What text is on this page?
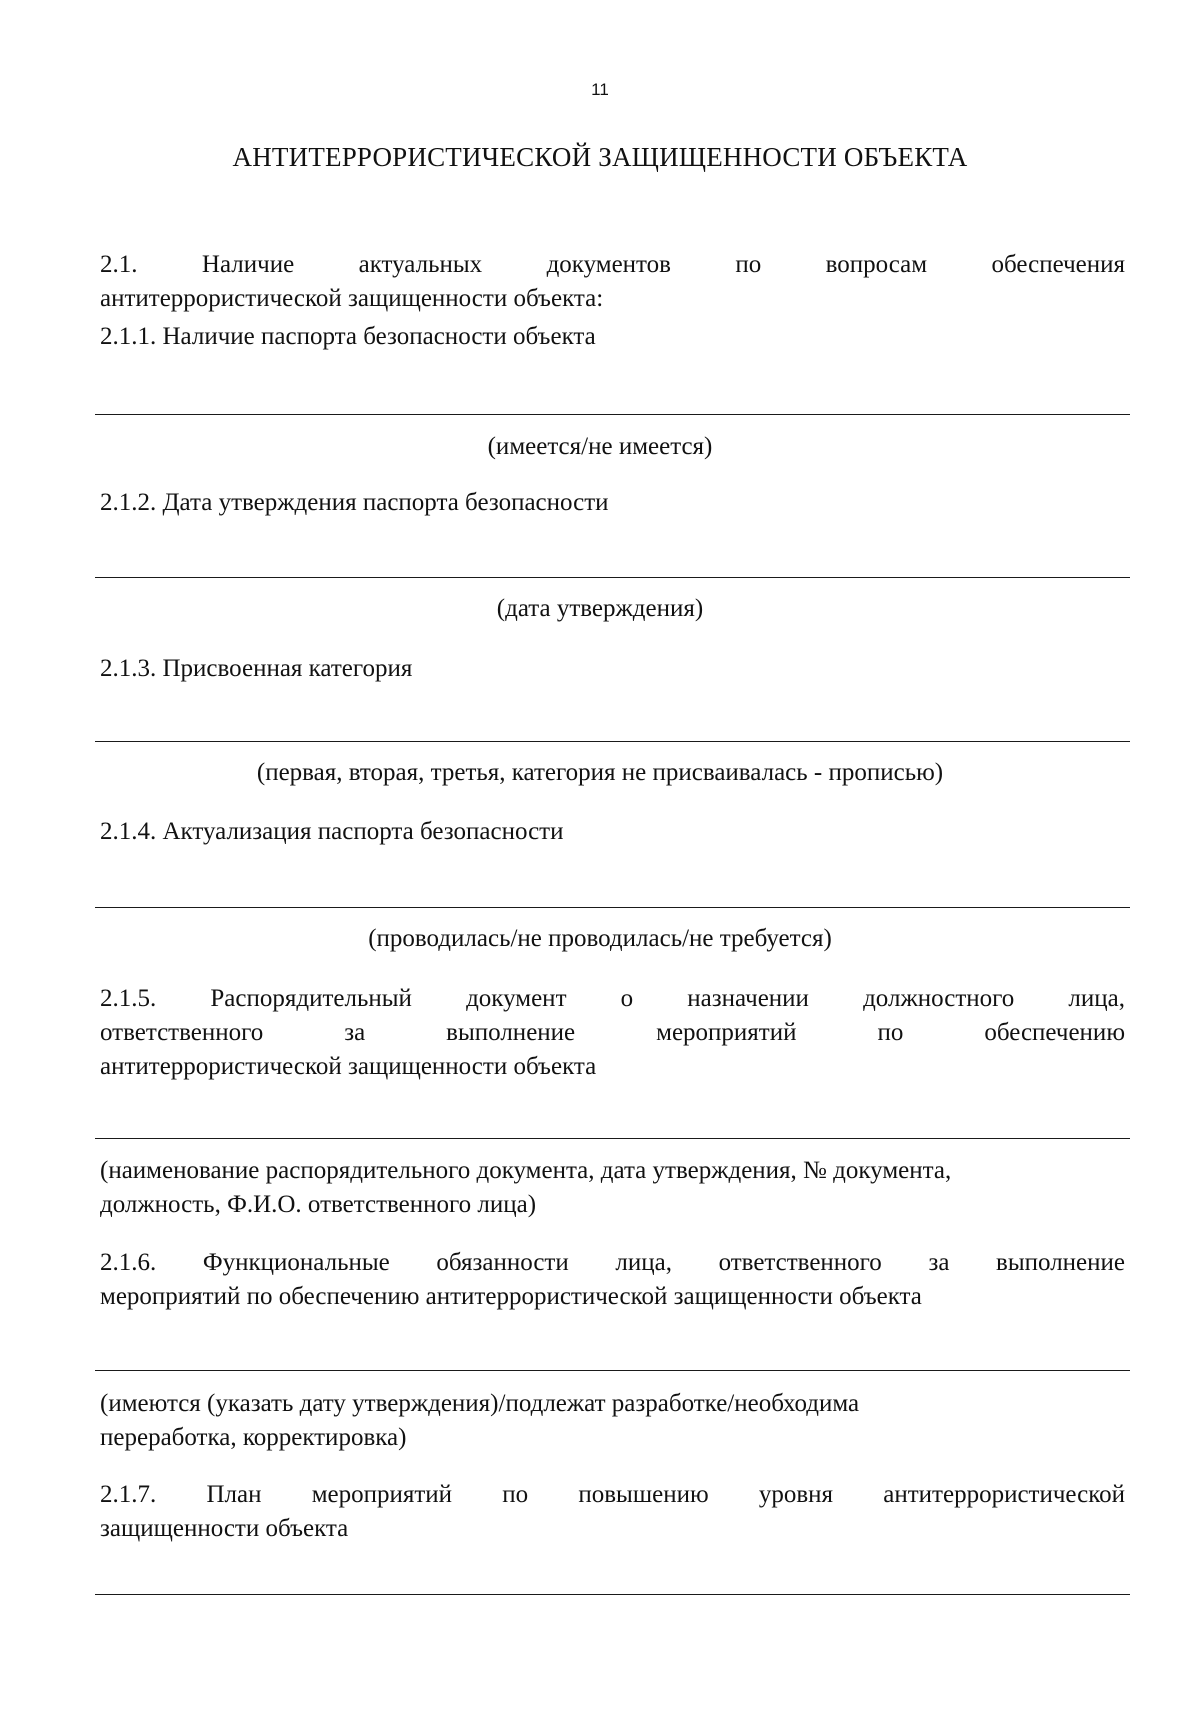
11
АНТИТЕРРОРИСТИЧЕСКОЙ ЗАЩИЩЕННОСТИ ОБЪЕКТА
2.1. Наличие актуальных документов по вопросам обеспечения
антитеррористической защищенности объекта:
2.1.1. Наличие паспорта безопасности объекта
(имеется/не имеется)
2.1.2. Дата утверждения паспорта безопасности
(дата утверждения)
2.1.3. Присвоенная категория
(первая, вторая, третья, категория не присваивалась - прописью)
2.1.4. Актуализация паспорта безопасности
(проводилась/не проводилась/не требуется)
2.1.5. Распорядительный документ о назначении должностного лица,
ответственного за выполнение мероприятий по обеспечению
антитеррористической защищенности объекта
(наименование распорядительного документа, дата утверждения, № документа,
должность, Ф.И.О. ответственного лица)
2.1.6. Функциональные обязанности лица, ответственного за выполнение
мероприятий по обеспечению антитеррористической защищенности объекта
(имеются (указать дату утверждения)/подлежат разработке/необходима
переработка, корректировка)
2.1.7. План мероприятий по повышению уровня антитеррористической
защищенности объекта
